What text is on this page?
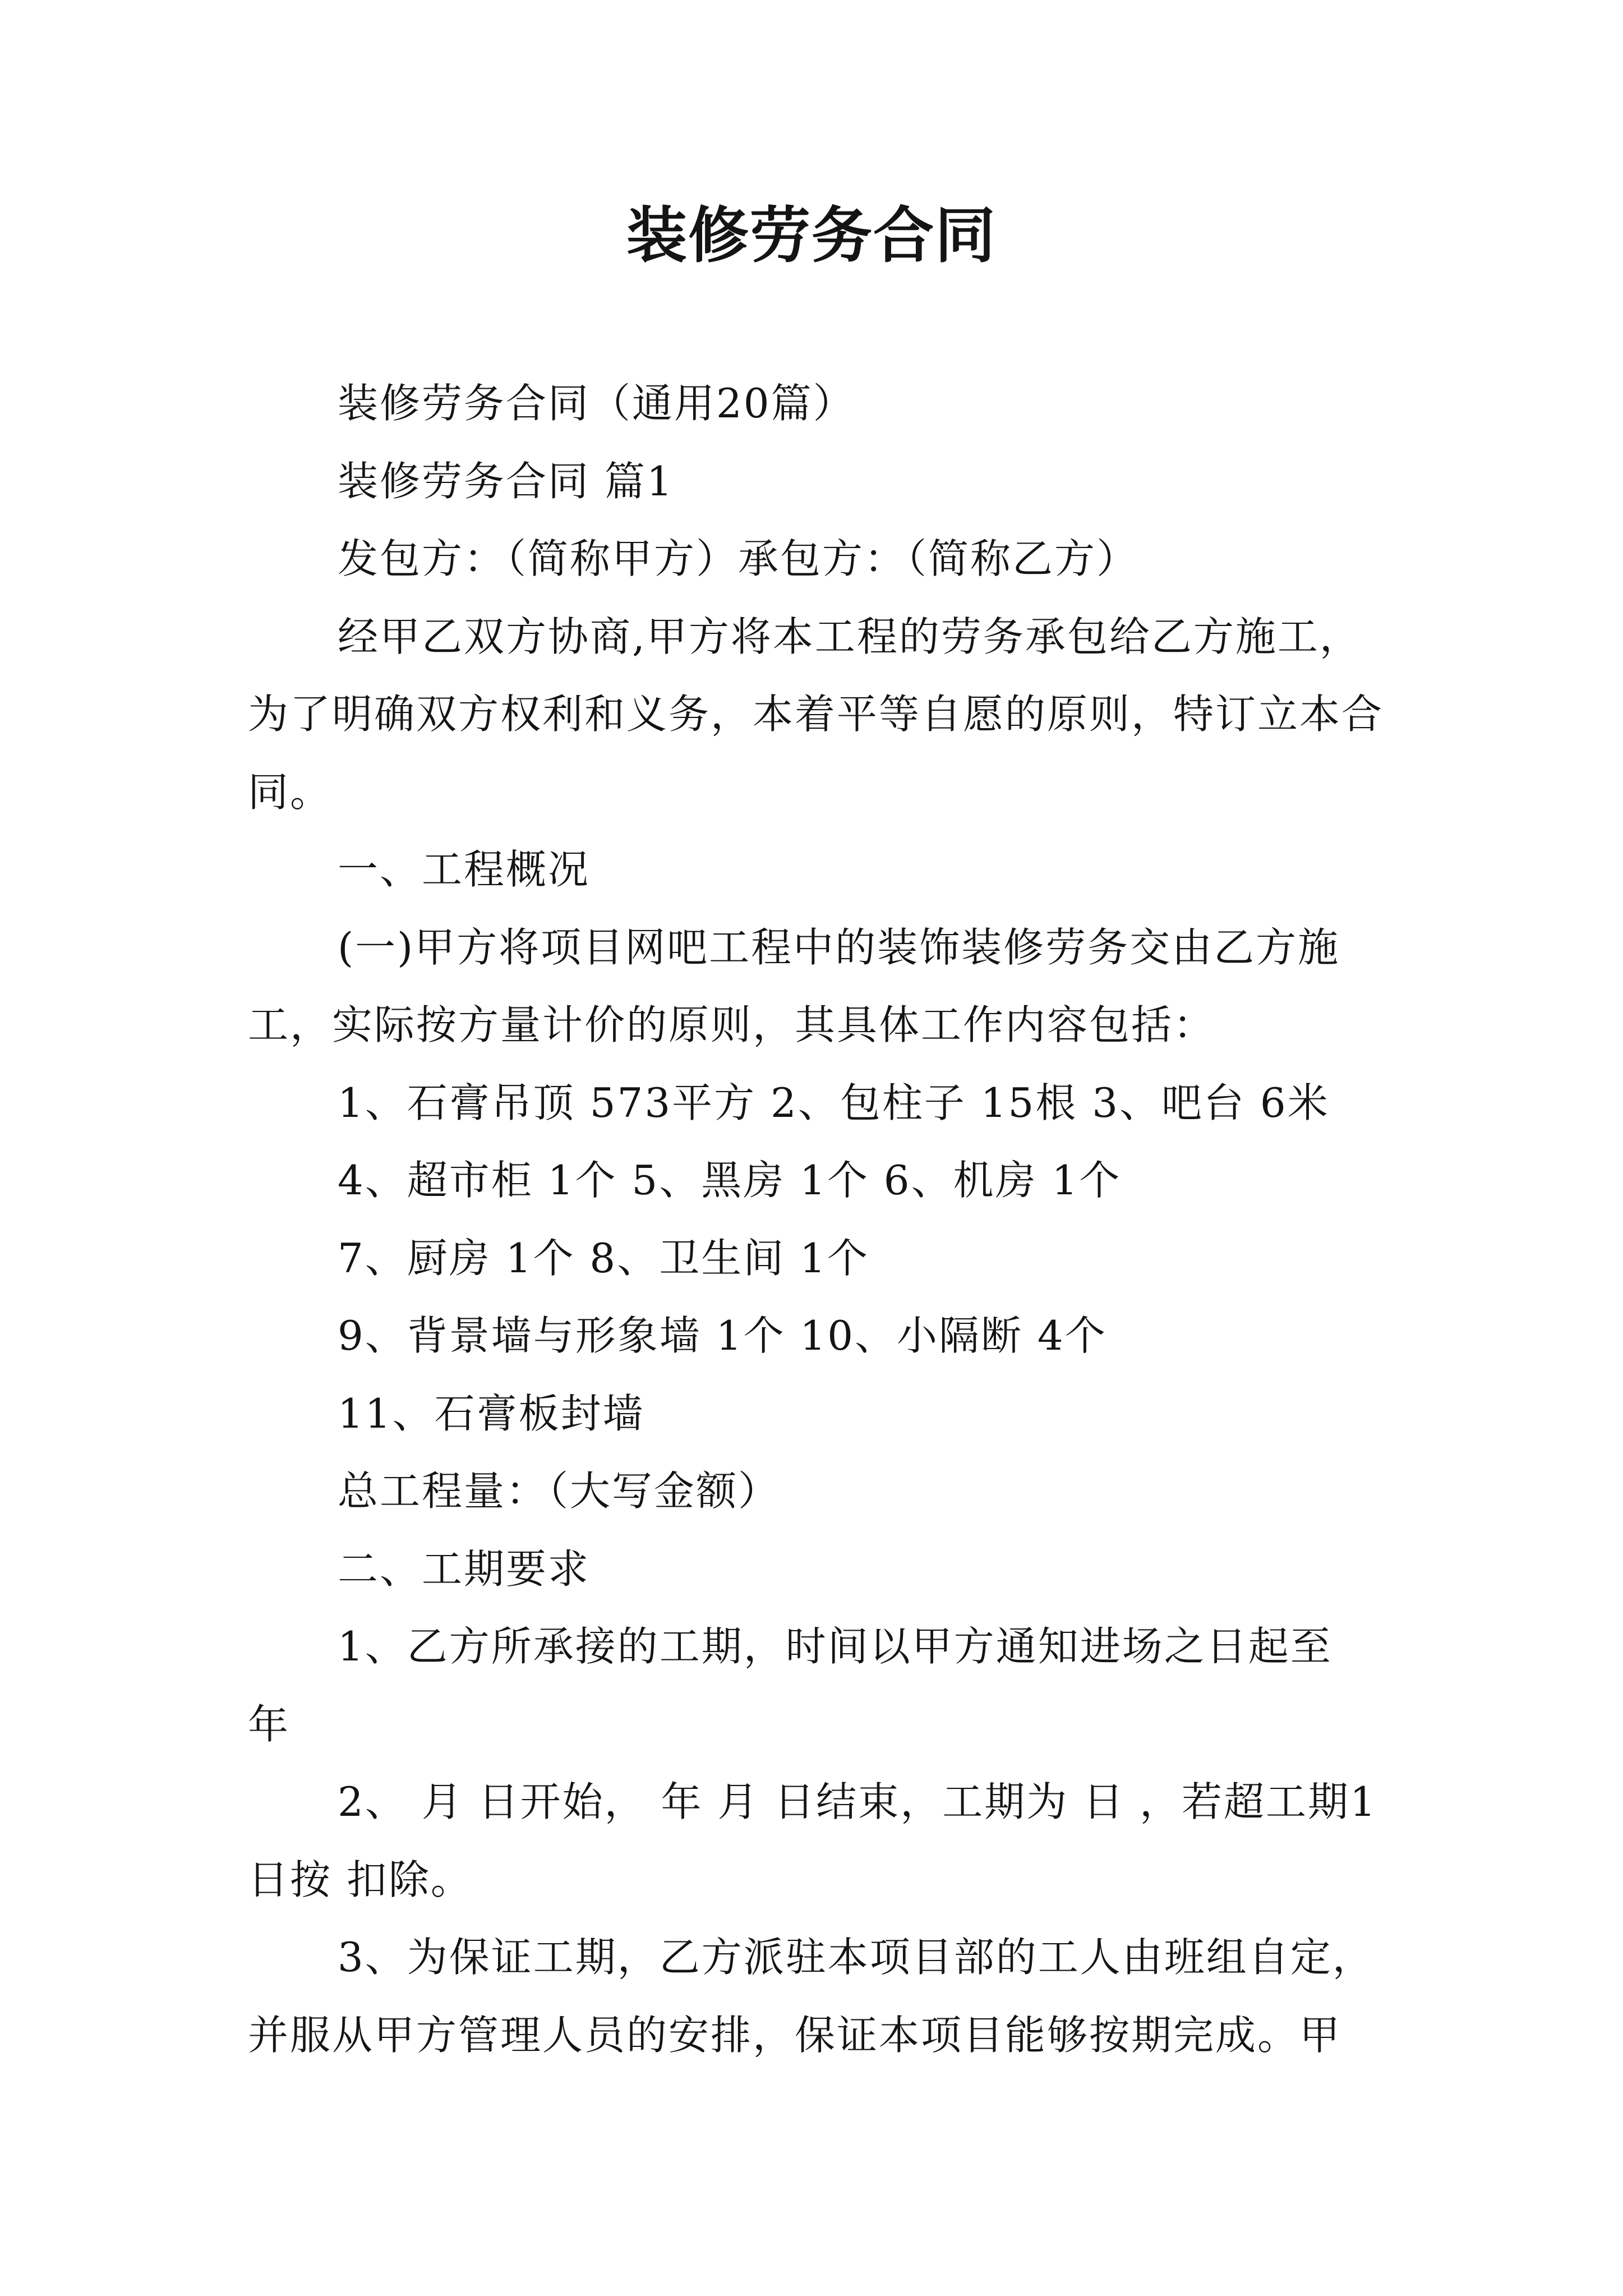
装修劳务合同

装修劳务合同（通用20篇）

装修劳务合同 篇1

发包方：（简称甲方）承包方：（简称乙方）

经甲乙双方协商,甲方将本工程的劳务承包给乙方施工，为了明确双方权利和义务，本着平等自愿的原则，特订立本合同。

一、工程概况

(一)甲方将项目网吧工程中的装饰装修劳务交由乙方施工，实际按方量计价的原则，其具体工作内容包括：

1、石膏吊顶 573平方 2、包柱子 15根 3、吧台 6米

4、超市柜 1个 5、黑房 1个 6、机房 1个

7、厨房 1个 8、卫生间 1个

9、背景墙与形象墙 1个 10、小隔断 4个

11、石膏板封墙

总工程量：（大写金额）

二、工期要求

1、乙方所承接的工期，时间以甲方通知进场之日起至 年

2、 月 日开始， 年 月 日结束，工期为 日 ，若超工期1日按 扣除。

3、为保证工期，乙方派驻本项目部的工人由班组自定，并服从甲方管理人员的安排，保证本项目能够按期完成。甲
